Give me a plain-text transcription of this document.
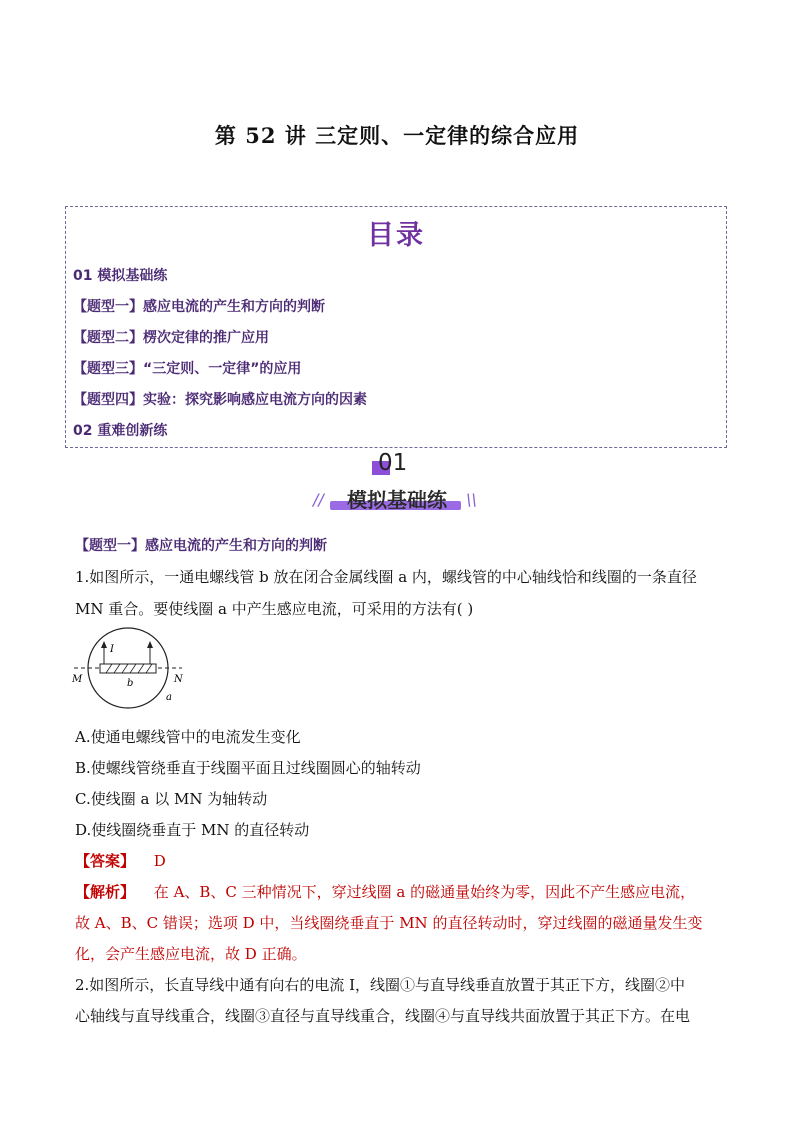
第 52 讲 三定则、一定律的综合应用
目录
01 模拟基础练
【题型一】感应电流的产生和方向的判断
【题型二】楞次定律的推广应用
【题型三】“三定则、一定律”的应用
【题型四】实验：探究影响感应电流方向的因素
02 重难创新练
01
//	模拟基础练	\\
【题型一】感应电流的产生和方向的判断
1.如图所示，一通电螺线管 b 放在闭合金属线圈 a 内，螺线管的中心轴线恰和线圈的一条直径
MN 重合。要使线圈 a 中产生感应电流，可采用的方法有( )
I
M	N
b
a
A.使通电螺线管中的电流发生变化
B.使螺线管绕垂直于线圈平面且过线圈圆心的轴转动
C.使线圈 a 以 MN 为轴转动
D.使线圈绕垂直于 MN 的直径转动
【答案】 D
【解析】 在 A、B、C 三种情况下，穿过线圈 a 的磁通量始终为零，因此不产生感应电流，
故 A、B、C 错误；选项 D 中，当线圈绕垂直于 MN 的直径转动时，穿过线圈的磁通量发生变
化，会产生感应电流，故 D 正确。
2.如图所示，长直导线中通有向右的电流 I，线圈①与直导线垂直放置于其正下方，线圈②中
心轴线与直导线重合，线圈③直径与直导线重合，线圈④与直导线共面放置于其正下方。在电
